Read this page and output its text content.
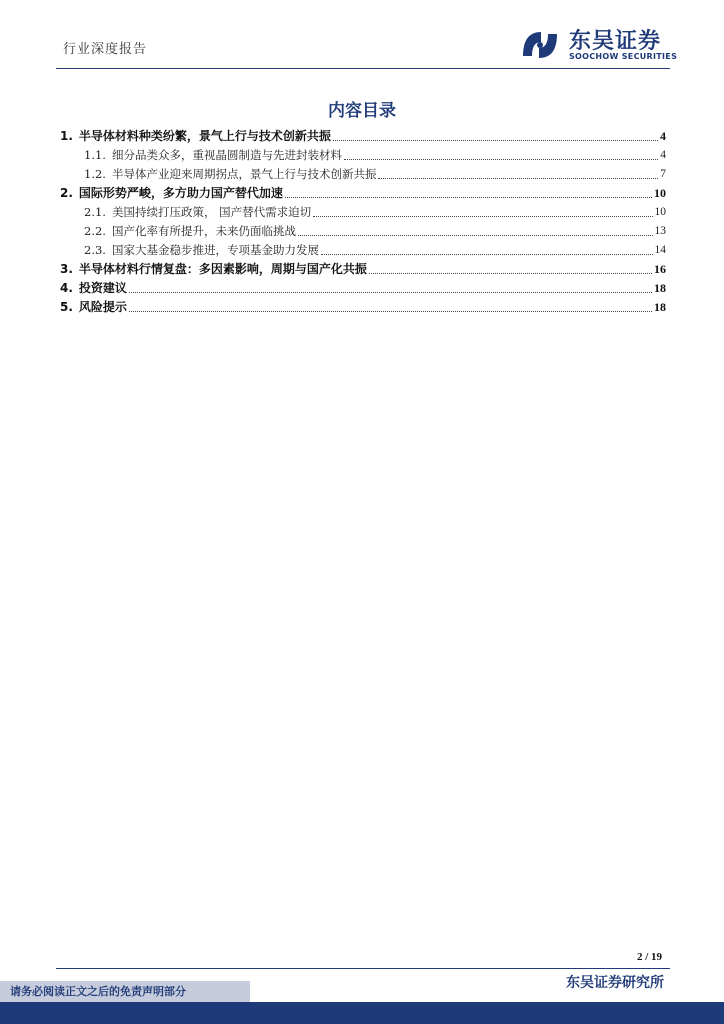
行业深度报告	东吴证券
SOOCHOW SECURITIES
内容目录
1. 半导体材料种类纷繁，景气上行与技术创新共振	4
1.1. 细分品类众多，重视晶圆制造与先进封装材料	4
1.2. 半导体产业迎来周期拐点，景气上行与技术创新共振	7
2. 国际形势严峻，多方助力国产替代加速	10
2.1. 美国持续打压政策， 国产替代需求迫切	10
2.2. 国产化率有所提升，未来仍面临挑战	13
2.3. 国家大基金稳步推进，专项基金助力发展	14
3. 半导体材料行情复盘：多因素影响，周期与国产化共振	16
4. 投资建议	18
5. 风险提示	18
2 / 19
东吴证券研究所
请务必阅读正文之后的免责声明部分
